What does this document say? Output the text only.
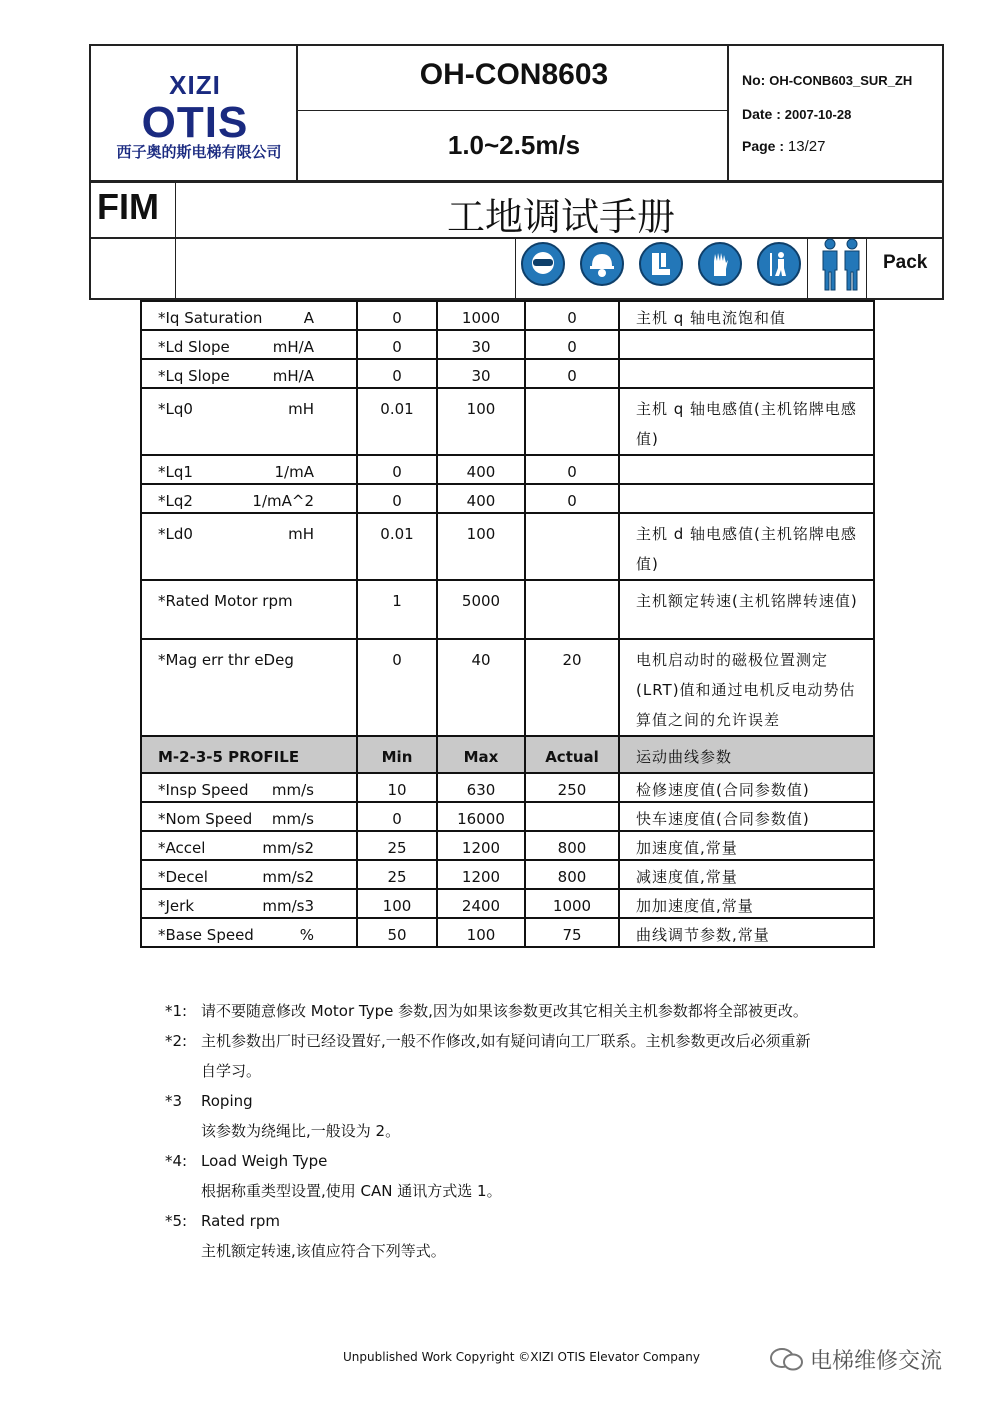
XIZI
OTIS
西子奥的斯电梯有限公司
OH-CON8603
1.0~2.5m/s
No: OH-CONB603_SUR_ZH
Date : 2007-10-28
Page : 13/27
FIM	工地调试手册
Pack
*Iq Saturation A	0	1000	0	主机 q 轴电流饱和值

*Ld Slope mH/A	0	30	0	

*Lq Slope mH/A	0	30	0	

*Lq0 mH	0.01	100		主机 q 轴电感值(主机铭牌电感值)

*Lq1 1/mA	0	400	0	

*Lq2 1/mA^2	0	400	0	

*Ld0 mH	0.01	100		主机 d 轴电感值(主机铭牌电感值)

*Rated Motor rpm	1	5000		主机额定转速(主机铭牌转速值)

*Mag err thr eDeg	0	40	20	电机启动时的磁极位置测定(LRT)值和通过电机反电动势估算值之间的允许误差

M-2-3-5 PROFILE	Min	Max	Actual	运动曲线参数

*Insp Speed mm/s	10	630	250	检修速度值(合同参数值)

*Nom Speed mm/s	0	16000		快车速度值(合同参数值)

*Accel mm/s2	25	1200	800	加速度值,常量

*Decel mm/s2	25	1200	800	减速度值,常量

*Jerk mm/s3	100	2400	1000	加加速度值,常量

*Base Speed %	50	100	75	曲线调节参数,常量
*1: 请不要随意修改 Motor Type 参数,因为如果该参数更改其它相关主机参数都将全部被更改。
*2: 主机参数出厂时已经设置好,一般不作修改,如有疑问请向工厂联系。主机参数更改后必须重新
自学习。
*3	Roping
该参数为绕绳比,一般设为 2。
*4: Load Weigh Type
根据称重类型设置,使用 CAN 通讯方式选 1。
*5: Rated rpm
主机额定转速,该值应符合下列等式。
Unpublished Work Copyright ©XIZI OTIS Elevator Company	电梯维修交流
